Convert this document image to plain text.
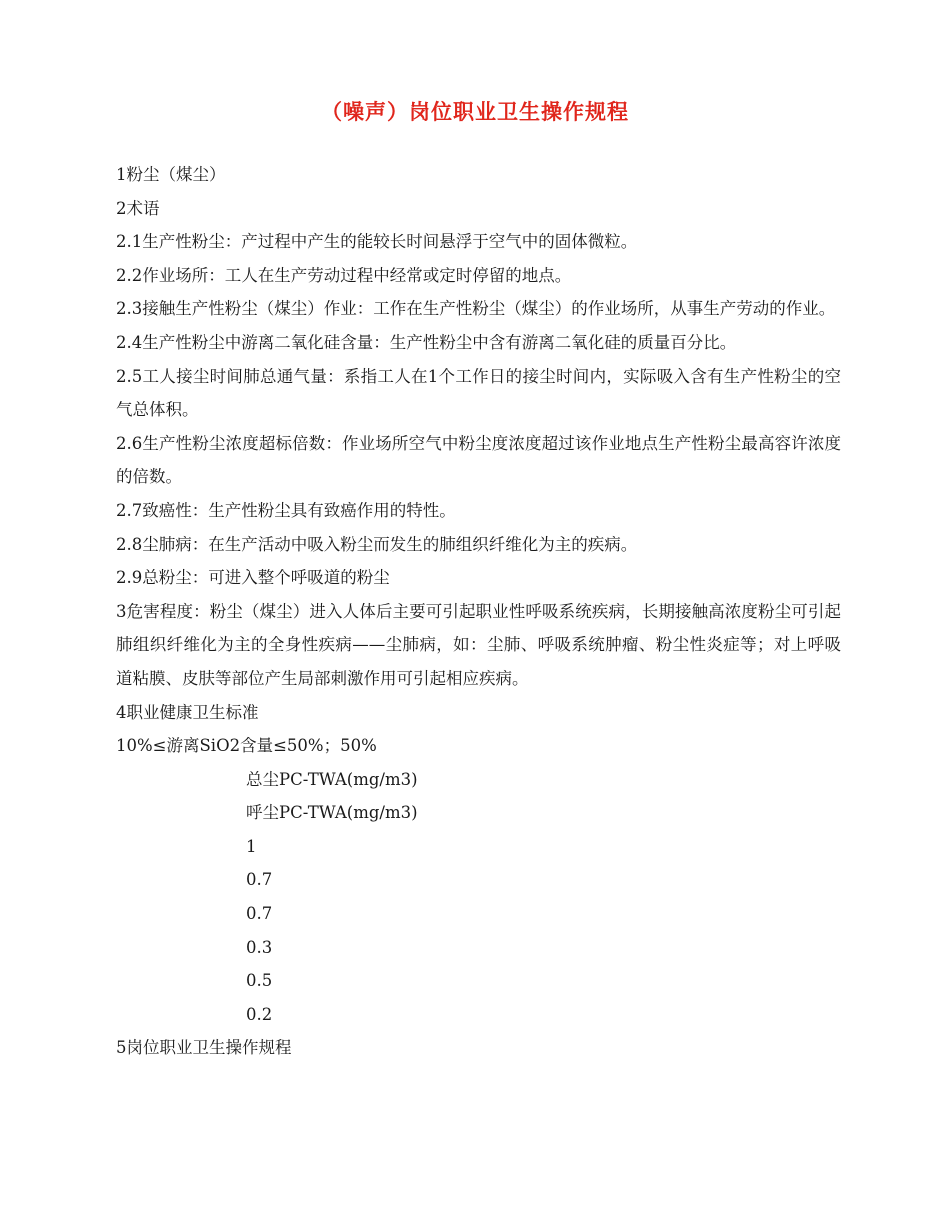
（噪声）岗位职业卫生操作规程

1粉尘（煤尘）

2术语

2.1生产性粉尘：产过程中产生的能较长时间悬浮于空气中的固体微粒。

2.2作业场所：工人在生产劳动过程中经常或定时停留的地点。

2.3接触生产性粉尘（煤尘）作业：工作在生产性粉尘（煤尘）的作业场所，从事生产劳动的作业。

2.4生产性粉尘中游离二氧化硅含量：生产性粉尘中含有游离二氧化硅的质量百分比。

2.5工人接尘时间肺总通气量：系指工人在1个工作日的接尘时间内，实际吸入含有生产性粉尘的空气总体积。

2.6生产性粉尘浓度超标倍数：作业场所空气中粉尘度浓度超过该作业地点生产性粉尘最高容许浓度的倍数。

2.7致癌性：生产性粉尘具有致癌作用的特性。

2.8尘肺病：在生产活动中吸入粉尘而发生的肺组织纤维化为主的疾病。

2.9总粉尘：可进入整个呼吸道的粉尘

3危害程度：粉尘（煤尘）进入人体后主要可引起职业性呼吸系统疾病，长期接触高浓度粉尘可引起肺组织纤维化为主的全身性疾病——尘肺病，如：尘肺、呼吸系统肿瘤、粉尘性炎症等；对上呼吸道粘膜、皮肤等部位产生局部刺激作用可引起相应疾病。

4职业健康卫生标准

10%≤游离SiO2含量≤50%；50%

总尘PC-TWA(mg/m3)

呼尘PC-TWA(mg/m3)

1

0.7

0.7

0.3

0.5

0.2

5岗位职业卫生操作规程
